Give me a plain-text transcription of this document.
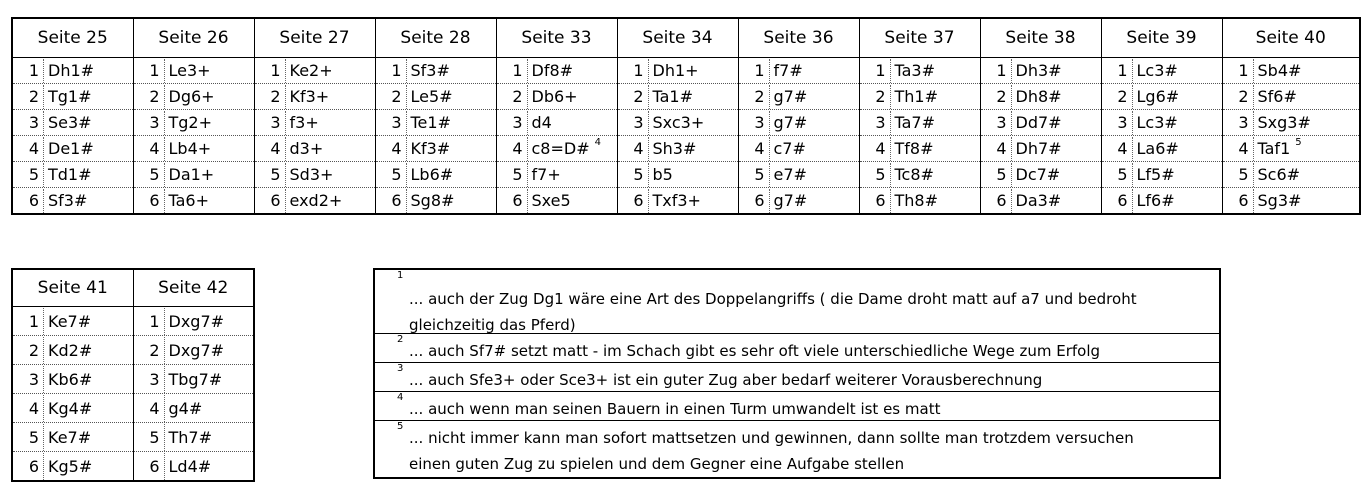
Seite 25	Seite 26	Seite 27	Seite 28	Seite 33	Seite 34	Seite 36	Seite 37	Seite 38	Seite 39	Seite 40
1 Dh1#	1 Le3+	1 Ke2+	1 Sf3#	1 Df8#	1 Dh1+	1 f7#	1 Ta3#	1 Dh3#	1 Lc3#	1 Sb4#
2 Tg1#	2 Dg6+	2 Kf3+	2 Le5#	2 Db6+	2 Ta1#	2 g7#	2 Th1#	2 Dh8#	2 Lg6#	2 Sf6#
3 Se3#	3 Tg2+	3 f3+	3 Te1#	3 d4	3 Sxc3+	3 g7#	3 Ta7#	3 Dd7#	3 Lc3#	3 Sxg3#
4 De1#	4 Lb4+	4 d3+	4 Kf3#	4 c8=D# $^4$	4 Sh3#	4 c7#	4 Tf8#	4 Dh7#	4 La6#	4 Taf1 $^5$
5 Td1#	5 Da1+	5 Sd3+	5 Lb6#	5 f7+	5 b5	5 e7#	5 Tc8#	5 Dc7#	5 Lf5#	5 Sc6#
6 Sf3#	6 Ta6+	6 exd2+	6 Sg8#	6 Sxe5	6 Txf3+	6 g7#	6 Th8#	6 Da3#	6 Lf6#	6 Sg3#
Seite 41	Seite 42
1 Ke7#	1 Dxg7#
2 Kd2#	2 Dxg7#
3 Kb6#	3 Tbg7#
4 Kg4#	4 g4#
5 Ke7#	5 Th7#
6 Kg5#	6 Ld4#
1
... auch der Zug Dg1 wäre eine Art des Doppelangriffs ( die Dame droht matt auf a7 und bedroht
gleichzeitig das Pferd)
2
... auch Sf7# setzt matt - im Schach gibt es sehr oft viele unterschiedliche Wege zum Erfolg
3
... auch Sfe3+ oder Sce3+ ist ein guter Zug aber bedarf weiterer Vorausberechnung
4
... auch wenn man seinen Bauern in einen Turm umwandelt ist es matt
5
... nicht immer kann man sofort mattsetzen und gewinnen, dann sollte man trotzdem versuchen
einen guten Zug zu spielen und dem Gegner eine Aufgabe stellen
